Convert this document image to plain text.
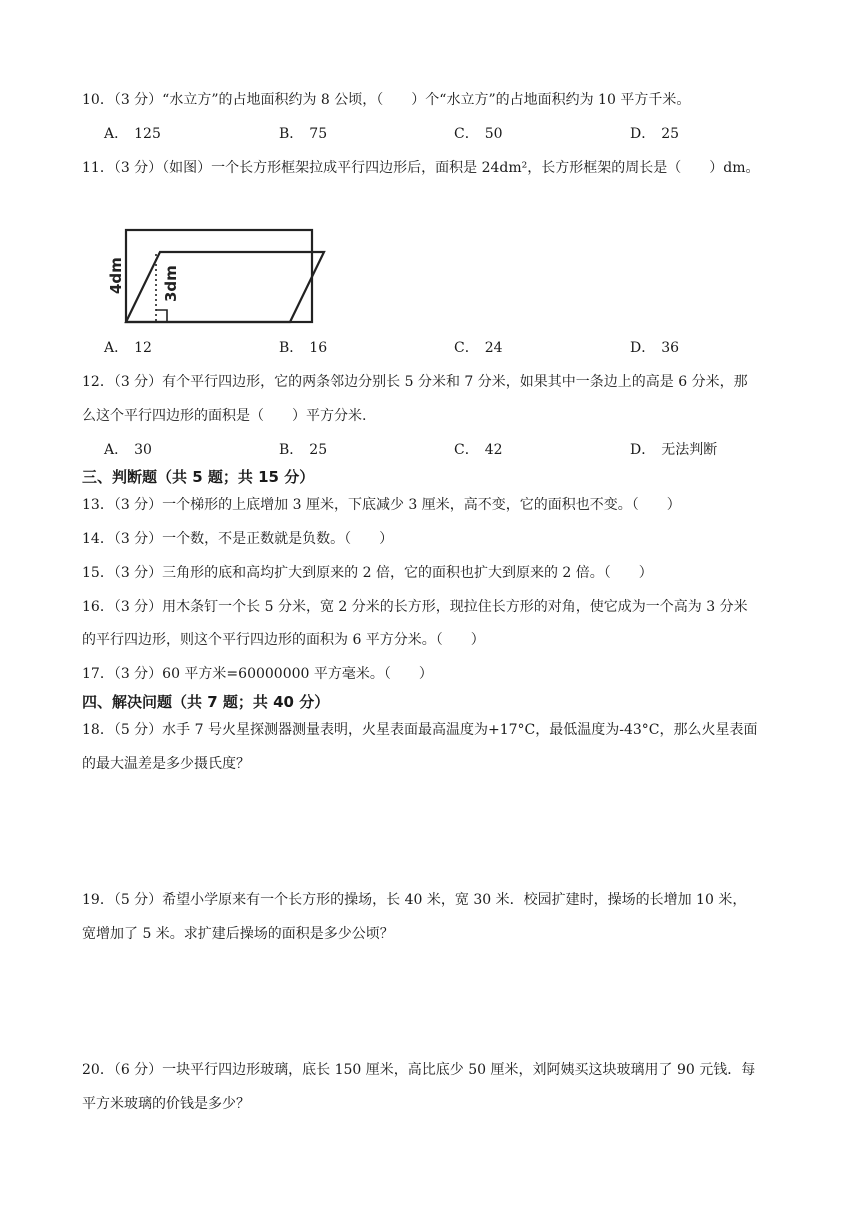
10．（3 分）“水立方”的占地面积约为 8 公顷，（　　）个“水立方”的占地面积约为 10 平方千米。
A． 125	B． 75	C． 50	D． 25
11．（3 分）（如图）一个长方形框架拉成平行四边形后，面积是 24dm²，长方形框架的周长是（　　）dm。
4dm 3dm
A． 12	B． 16	C． 24	D． 36
12．（3 分）有个平行四边形，它的两条邻边分别长 5 分米和 7 分米，如果其中一条边上的高是 6 分米，那
么这个平行四边形的面积是（　　）平方分米.
A． 30	B． 25	C． 42	D． 无法判断
三、判断题（共 5 题；共 15 分）
13．（3 分）一个梯形的上底增加 3 厘米，下底减少 3 厘米，高不变，它的面积也不变。（　　）
14．（3 分）一个数，不是正数就是负数。（　　）
15．（3 分）三角形的底和高均扩大到原来的 2 倍，它的面积也扩大到原来的 2 倍。（　　）
16．（3 分）用木条钉一个长 5 分米，宽 2 分米的长方形，现拉住长方形的对角，使它成为一个高为 3 分米
的平行四边形，则这个平行四边形的面积为 6 平方分米。（　　）
17．（3 分）60 平方米=60000000 平方毫米。（　　）
四、解决问题（共 7 题；共 40 分）
18．（5 分）水手 7 号火星探测器测量表明，火星表面最高温度为+17°C，最低温度为-43°C，那么火星表面
的最大温差是多少摄氏度？
19．（5 分）希望小学原来有一个长方形的操场，长 40 米，宽 30 米．校园扩建时，操场的长增加 10 米，
宽增加了 5 米。求扩建后操场的面积是多少公顷？
20．（6 分）一块平行四边形玻璃，底长 150 厘米，高比底少 50 厘米，刘阿姨买这块玻璃用了 90 元钱．每
平方米玻璃的价钱是多少？
